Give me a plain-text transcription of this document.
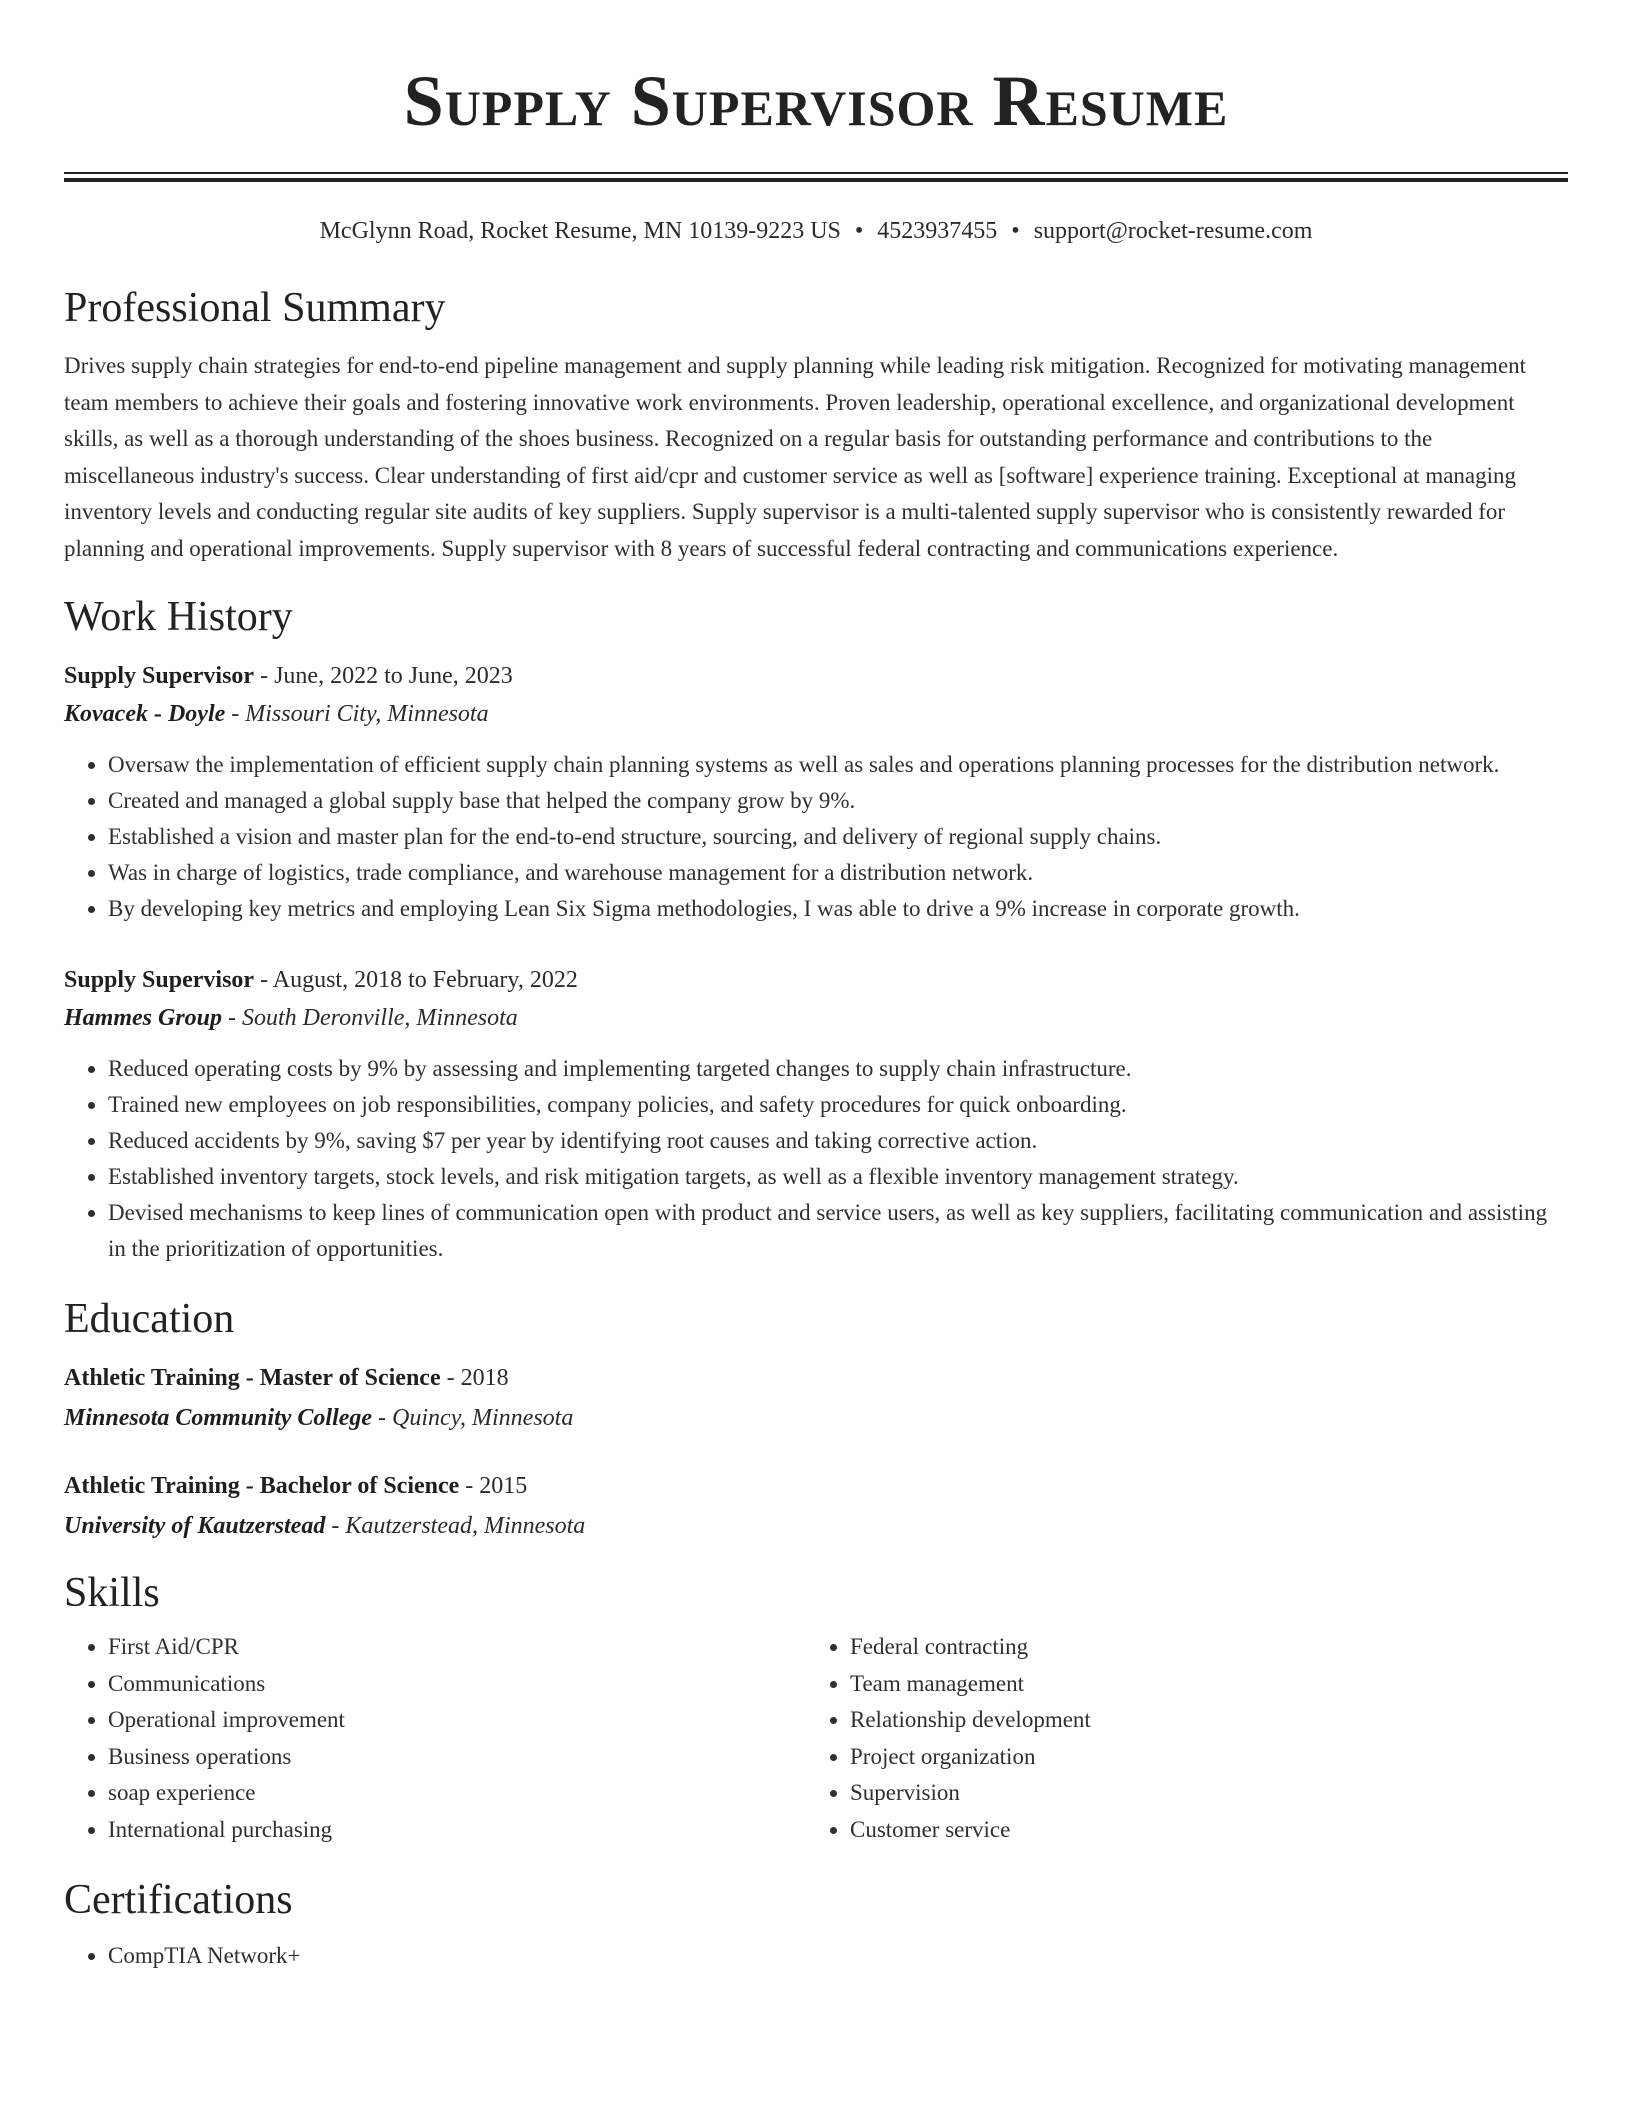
Supply Supervisor Resume
McGlynn Road, Rocket Resume, MN 10139-9223 US • 4523937455 • support@rocket-resume.com
Professional Summary

Drives supply chain strategies for end-to-end pipeline management and supply planning while leading risk mitigation. Recognized for motivating management team members to achieve their goals and fostering innovative work environments. Proven leadership, operational excellence, and organizational development skills, as well as a thorough understanding of the shoes business. Recognized on a regular basis for outstanding performance and contributions to the miscellaneous industry's success. Clear understanding of first aid/cpr and customer service as well as [software] experience training. Exceptional at managing inventory levels and conducting regular site audits of key suppliers. Supply supervisor is a multi-talented supply supervisor who is consistently rewarded for planning and operational improvements. Supply supervisor with 8 years of successful federal contracting and communications experience.

Work History
Supply Supervisor - June, 2022 to June, 2023
Kovacek - Doyle - Missouri City, Minnesota
• Oversaw the implementation of efficient supply chain planning systems as well as sales and operations planning processes for the distribution network.
• Created and managed a global supply base that helped the company grow by 9%.
• Established a vision and master plan for the end-to-end structure, sourcing, and delivery of regional supply chains.
• Was in charge of logistics, trade compliance, and warehouse management for a distribution network.
• By developing key metrics and employing Lean Six Sigma methodologies, I was able to drive a 9% increase in corporate growth.
Supply Supervisor - August, 2018 to February, 2022
Hammes Group - South Deronville, Minnesota
• Reduced operating costs by 9% by assessing and implementing targeted changes to supply chain infrastructure.
• Trained new employees on job responsibilities, company policies, and safety procedures for quick onboarding.
• Reduced accidents by 9%, saving $7 per year by identifying root causes and taking corrective action.
• Established inventory targets, stock levels, and risk mitigation targets, as well as a flexible inventory management strategy.
• Devised mechanisms to keep lines of communication open with product and service users, as well as key suppliers, facilitating communication and assisting in the prioritization of opportunities.
Education
Athletic Training - Master of Science - 2018
Minnesota Community College - Quincy, Minnesota
Athletic Training - Bachelor of Science - 2015
University of Kautzerstead - Kautzerstead, Minnesota
Skills
• First Aid/CPR
• Communications
• Operational improvement
• Business operations
• soap experience
• International purchasing
• Federal contracting
• Team management
• Relationship development
• Project organization
• Supervision
• Customer service
Certifications
• CompTIA Network+
